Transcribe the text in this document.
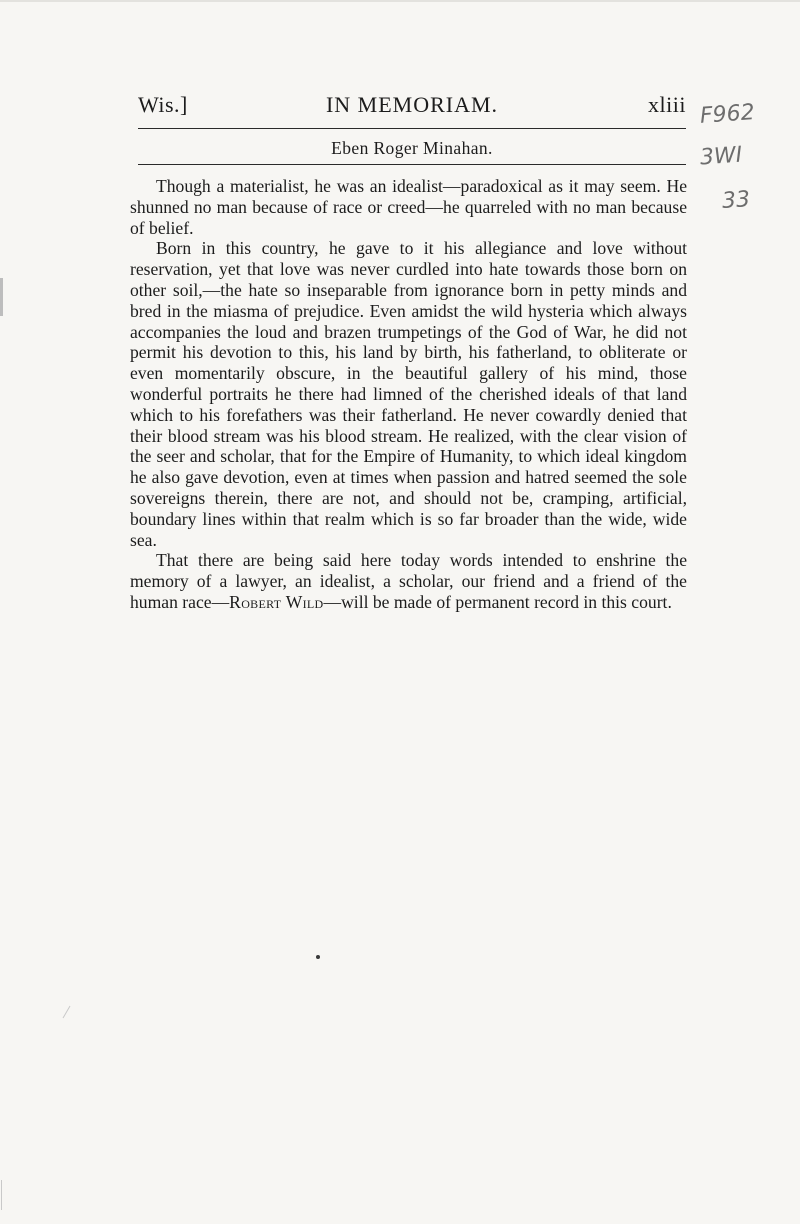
Wis.]	IN MEMORIAM.	xliii
Eben Roger Minahan.

Though a materialist, he was an idealist—paradoxical as it may seem. He shunned no man because of race or creed—he quarreled with no man because of belief.

Born in this country, he gave to it his allegiance and love without reservation, yet that love was never curdled into hate towards those born on other soil,—the hate so inseparable from ignorance born in petty minds and bred in the miasma of prejudice. Even amidst the wild hysteria which always accompanies the loud and brazen trumpetings of the God of War, he did not permit his devotion to this, his land by birth, his fatherland, to obliterate or even momentarily obscure, in the beautiful gallery of his mind, those wonderful portraits he there had limned of the cherished ideals of that land which to his forefathers was their fatherland. He never cowardly denied that their blood stream was his blood stream. He realized, with the clear vision of the seer and scholar, that for the Empire of Humanity, to which ideal kingdom he also gave devotion, even at times when passion and hatred seemed the sole sovereigns therein, there are not, and should not be, cramping, artificial, boundary lines within that realm which is so far broader than the wide, wide sea.

That there are being said here today words intended to enshrine the memory of a lawyer, an idealist, a scholar, our friend and a friend of the human race—Robert Wild—will be made of permanent record in this court.

F962
3WI
33
